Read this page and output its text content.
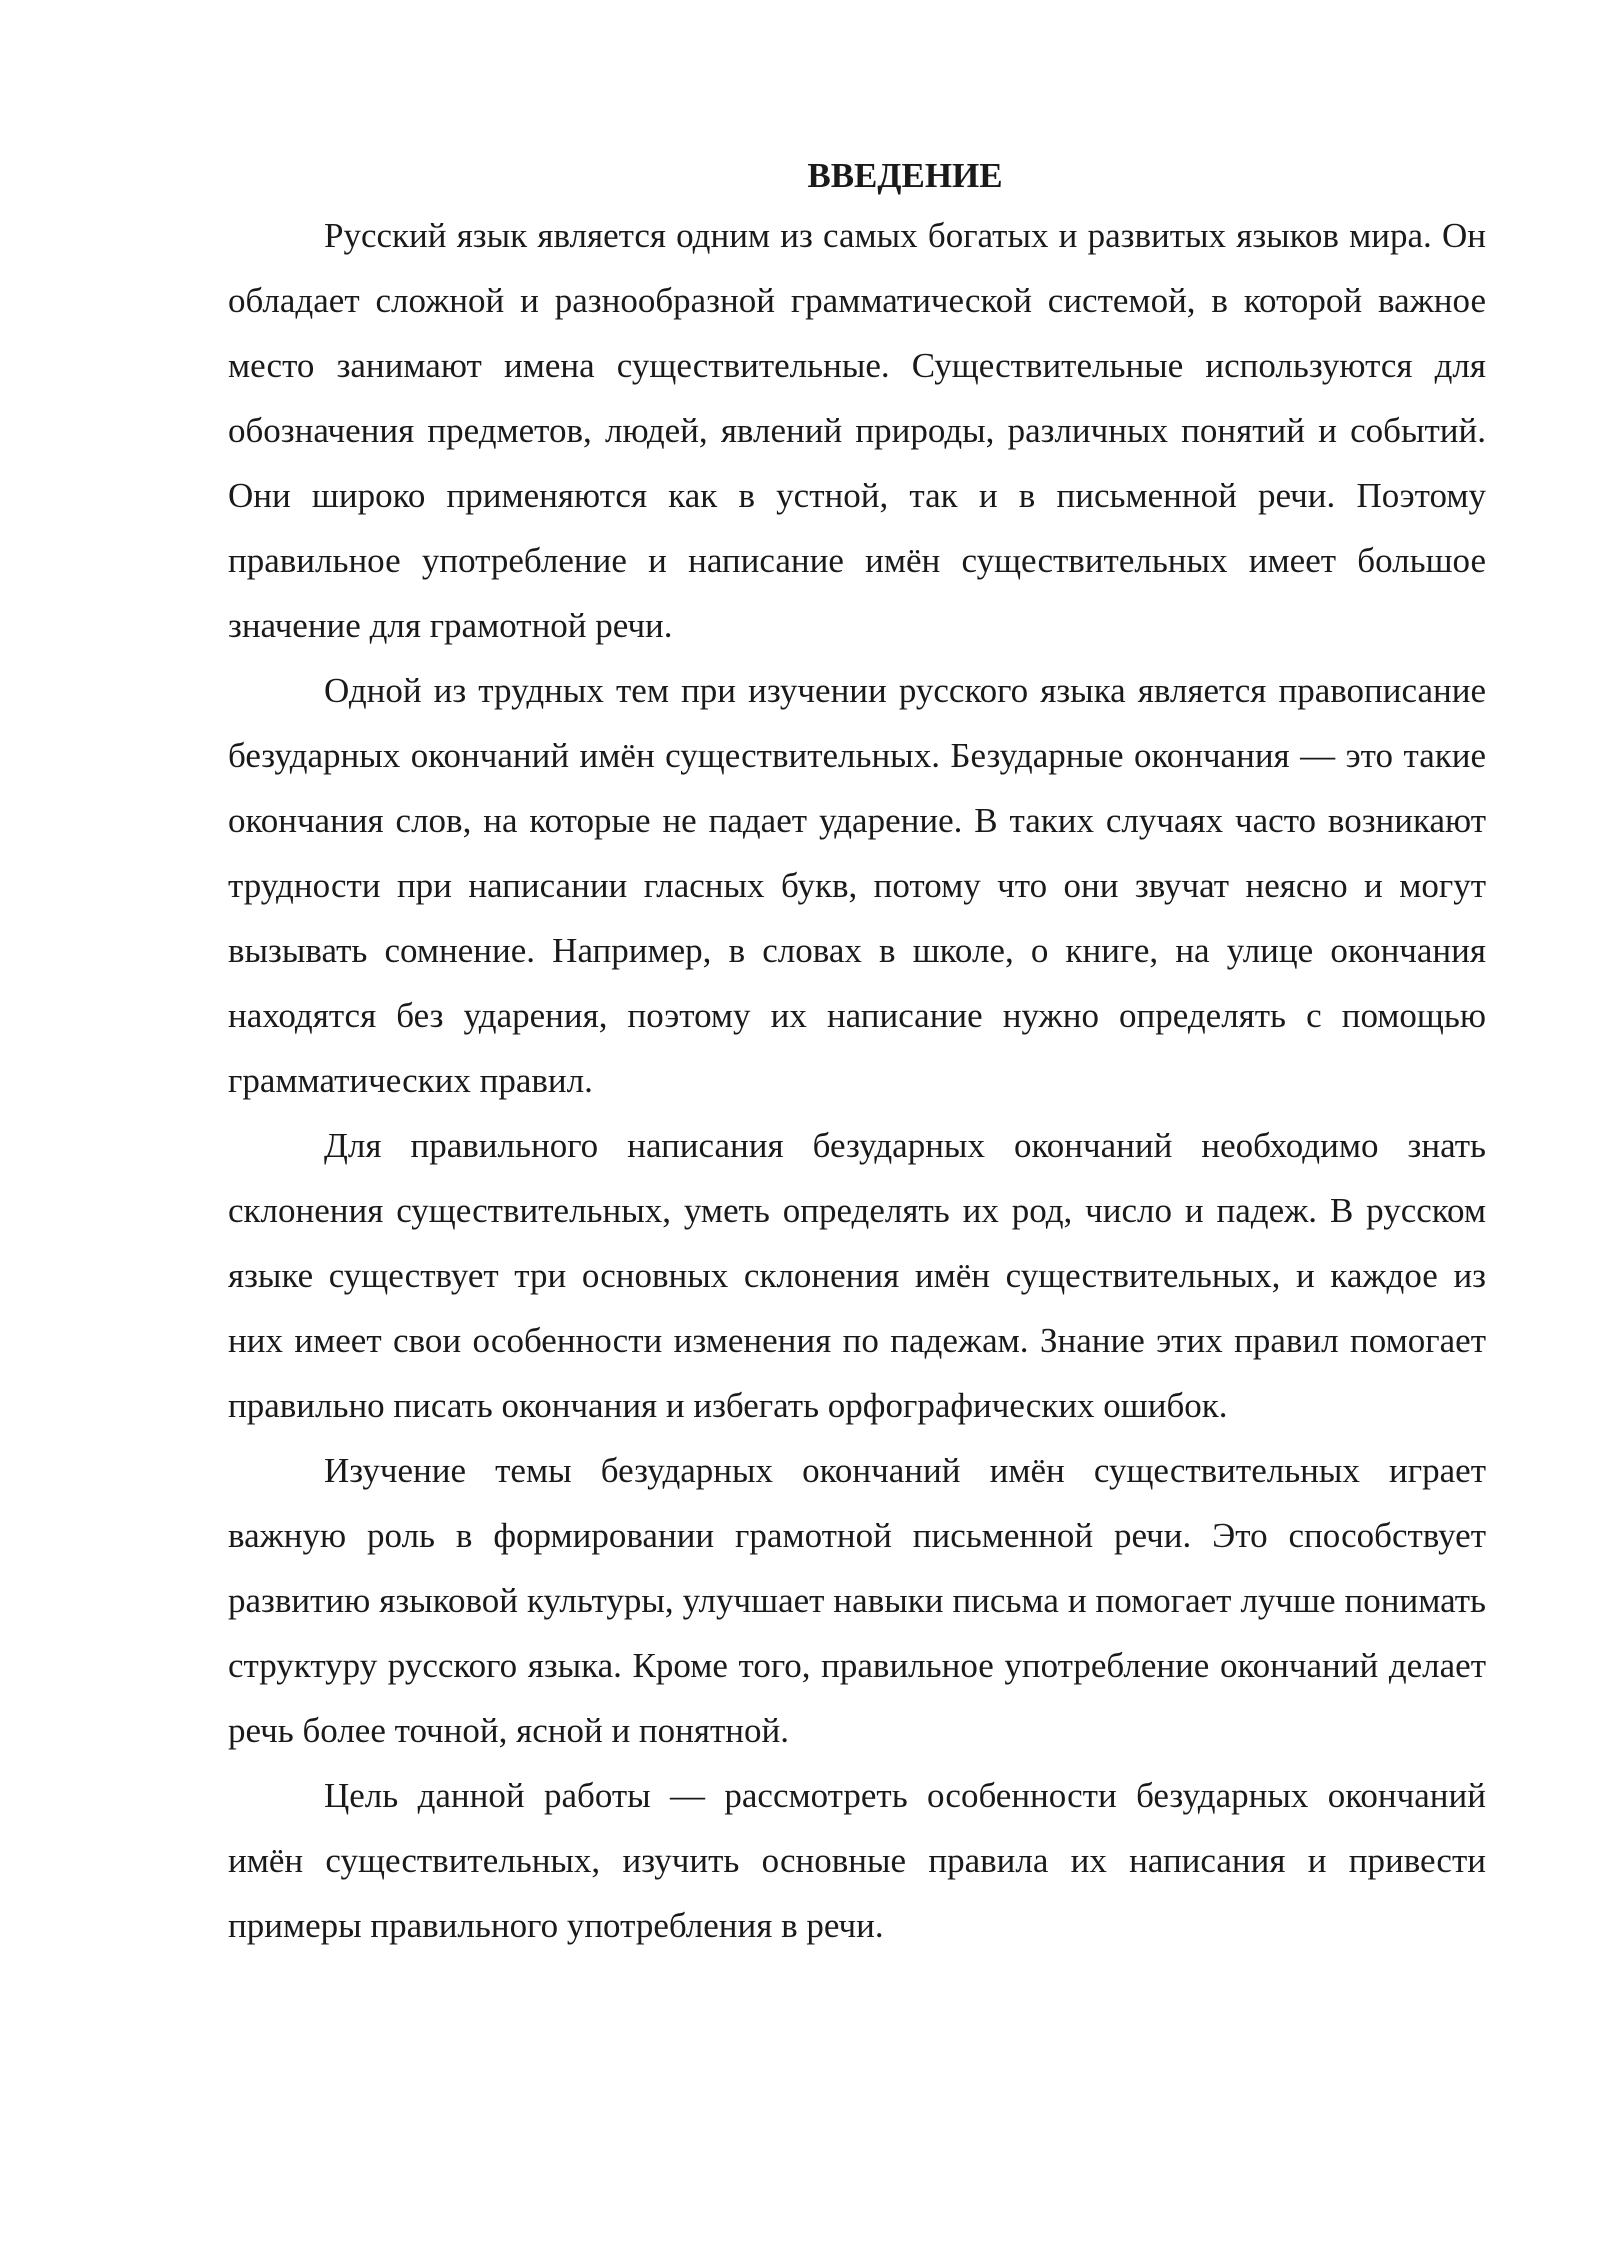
ВВЕДЕНИЕ

Русский язык является одним из самых богатых и развитых языков мира. Он обладает сложной и разнообразной грамматической системой, в которой важное место занимают имена существительные. Существительные используются для обозначения предметов, людей, явлений природы, различных понятий и событий. Они широко применяются как в устной, так и в письменной речи. Поэтому правильное употребление и написание имён существительных имеет большое значение для грамотной речи.

Одной из трудных тем при изучении русского языка является правописание безударных окончаний имён существительных. Безударные окончания — это такие окончания слов, на которые не падает ударение. В таких случаях часто возникают трудности при написании гласных букв, потому что они звучат неясно и могут вызывать сомнение. Например, в словах в школе, о книге, на улице окончания находятся без ударения, поэтому их написание нужно определять с помощью грамматических правил.

Для правильного написания безударных окончаний необходимо знать склонения существительных, уметь определять их род, число и падеж. В русском языке существует три основных склонения имён существительных, и каждое из них имеет свои особенности изменения по падежам. Знание этих правил помогает правильно писать окончания и избегать орфографических ошибок.

Изучение темы безударных окончаний имён существительных играет важную роль в формировании грамотной письменной речи. Это способствует развитию языковой культуры, улучшает навыки письма и помогает лучше понимать структуру русского языка. Кроме того, правильное употребление окончаний делает речь более точной, ясной и понятной.

Цель данной работы — рассмотреть особенности безударных окончаний имён существительных, изучить основные правила их написания и привести примеры правильного употребления в речи.
